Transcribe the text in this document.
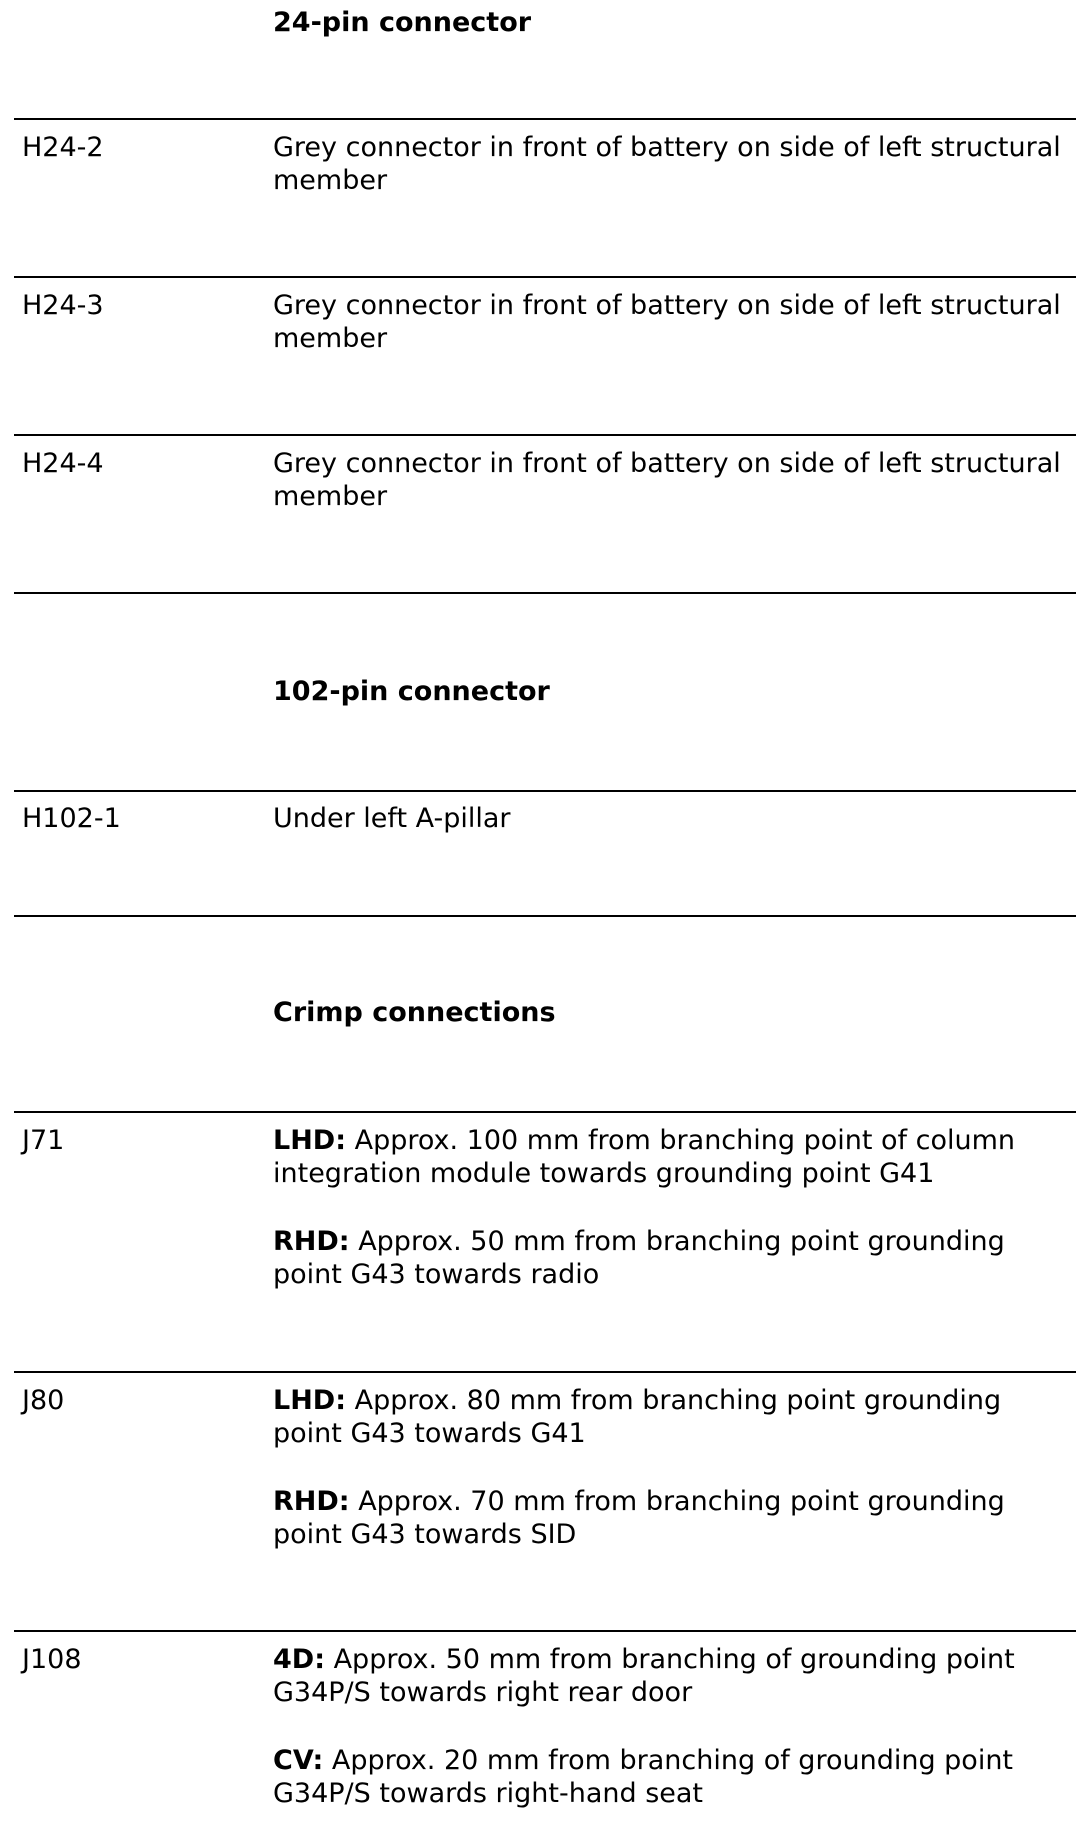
24-pin connector
H24-2	Grey connector in front of battery on side of left structural member

H24-3	Grey connector in front of battery on side of left structural member

H24-4	Grey connector in front of battery on side of left structural member

102-pin connector
H102-1	Under left A-pillar

Crimp connections
J71	LHD: Approx. 100 mm from branching point of column integration module towards grounding point G41

RHD: Approx. 50 mm from branching point grounding point G43 towards radio

J80	LHD: Approx. 80 mm from branching point grounding point G43 towards G41

RHD: Approx. 70 mm from branching point grounding point G43 towards SID

J108	4D: Approx. 50 mm from branching of grounding point G34P/S towards right rear door

CV: Approx. 20 mm from branching of grounding point G34P/S towards right-hand seat
